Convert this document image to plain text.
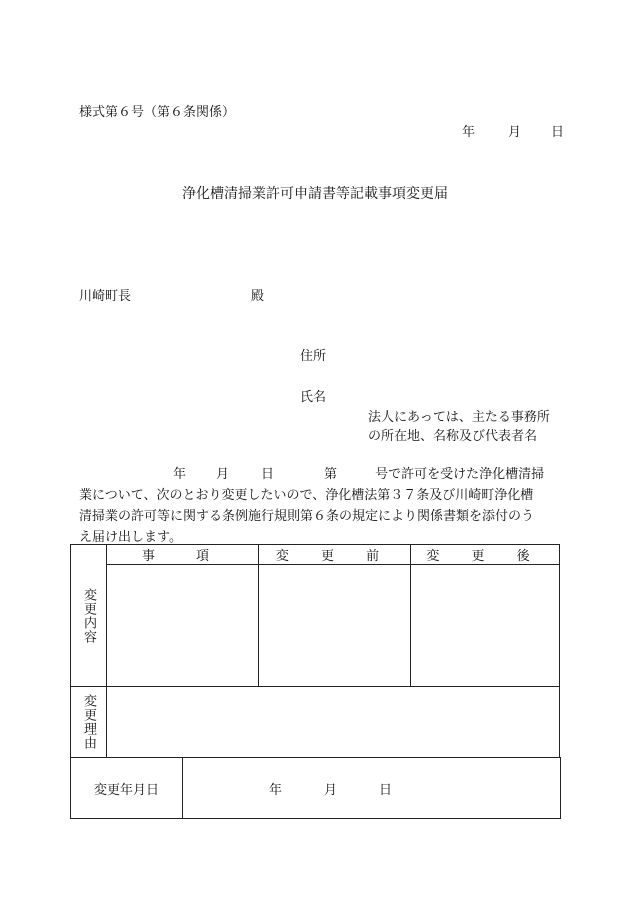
様式第６号（第６条関係）
年	月 日
浄化槽清掃業許可申請書等記載事項変更届
川崎町長	殿
住所
氏名
法人にあっては、主たる事務所
の所在地、名称及び代表者名
年 月 日	第	号で許可を受けた浄化槽清掃
業について、次のとおり変更したいので、浄化槽法第３７条及び川崎町浄化槽
清掃業の許可等に関する条例施行規則第６条の規定により関係書類を添付のう
え届け出します。
変更内容	事　項	変 更 前	変 更 後

変更理由			

変更年月日	年	月	日
